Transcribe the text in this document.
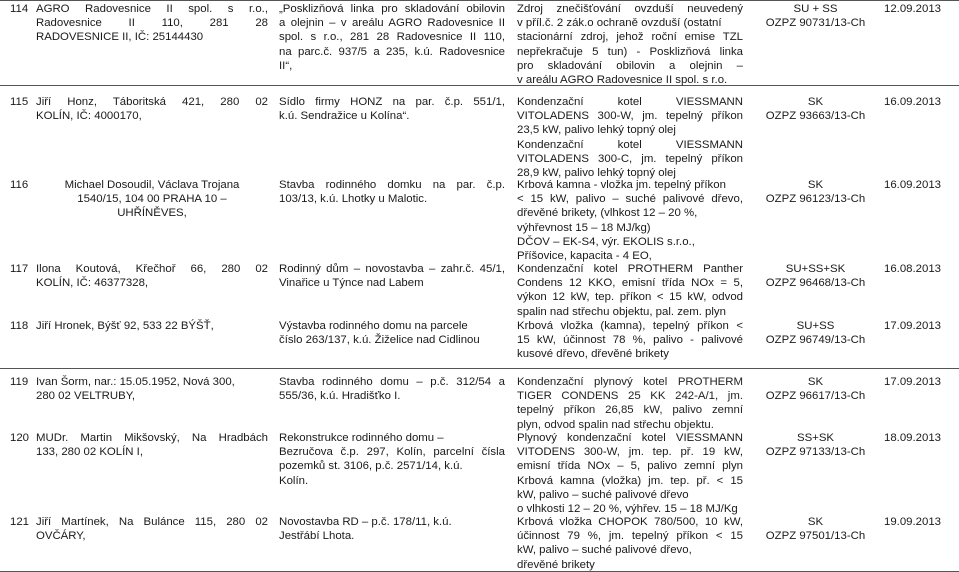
114 AGRO Radovesnice II spol. s r.o.,
Radovesnice II 110, 281 28
RADOVESNICE II, IČ: 25144430
„Posklizňová linka pro skladování obilovin
a olejnin – v areálu AGRO Radovesnice II
spol. s r.o., 281 28 Radovesnice II 110,
na parc.č. 937/5 a 235, k.ú. Radovesnice
II“,
Zdroj znečišťování ovzduší neuvedený
v příl.č. 2 zák.o ochraně ovzduší (ostatní
stacionární zdroj, jehož roční emise TZL
nepřekračuje 5 tun) - Posklizňová linka
pro skladování obilovin a olejnin –
v areálu AGRO Radovesnice II spol. s r.o.
SU + SS
OZPZ 90731/13-Ch
12.09.2013
115 Jiří Honz, Táboritská 421, 280 02
KOLÍN, IČ: 4000170,
Sídlo firmy HONZ na par. č.p. 551/1,
k.ú. Sendražice u Kolína“.
Kondenzační kotel VIESSMANN
VITOLADENS 300-W, jm. tepelný příkon
23,5 kW, palivo lehký topný olej
Kondenzační kotel VIESSMANN
VITOLADENS 300-C, jm. tepelný příkon
28,9 kW, palivo lehký topný olej
SK
OZPZ 93663/13-Ch
16.09.2013
116	Michael Dosoudil, Václava Trojana
1540/15, 104 00 PRAHA 10 –
UHŘÍNĚVES,
Stavba rodinného domku na par. č.p.
103/13, k.ú. Lhotky u Malotic.
Krbová kamna - vložka jm. tepelný příkon
< 15 kW, palivo – suché palivové dřevo,
dřevěné brikety, (vlhkost 12 – 20 %,
výhřevnost 15 – 18 MJ/kg)
DČOV – EK-S4, výr. EKOLIS s.r.o.,
Příšovice, kapacita - 4 EO,
SK
OZPZ 96123/13-Ch
16.09.2013
117 Ilona Koutová, Křečhoř 66, 280 02
KOLÍN, IČ: 46377328,
Rodinný dům – novostavba – zahr.č. 45/1,
Vinařice u Týnce nad Labem
Kondenzační kotel PROTHERM Panther
Condens 12 KKO, emisní třída NOx = 5,
výkon 12 kW, tep. příkon < 15 kW, odvod
spalin nad střechu objektu, pal. zem. plyn
SU+SS+SK
OZPZ 96468/13-Ch
16.08.2013
118 Jiří Hronek, Býšť 92, 533 22 BÝŠŤ,	Výstavba rodinného domu na parcele
číslo 263/137, k.ú. Žiželice nad Cidlinou
Krbová vložka (kamna), tepelný příkon <
15 kW, účinnost 78 %, palivo - palivové
kusové dřevo, dřevěné brikety
SU+SS
OZPZ 96749/13-Ch
17.09.2013
119 Ivan Šorm, nar.: 15.05.1952, Nová 300,
280 02 VELTRUBY,
Stavba rodinného domu – p.č. 312/54 a
555/36, k.ú. Hradišťko I.
Kondenzační plynový kotel PROTHERM
TIGER CONDENS 25 KK 242-A/1, jm.
tepelný příkon 26,85 kW, palivo zemní
plyn, odvod spalin nad střechu objektu.
SK
OZPZ 96617/13-Ch
17.09.2013
120 MUDr. Martin Mikšovský, Na Hradbách
133, 280 02 KOLÍN I,
Rekonstrukce rodinného domu –
Bezručova č.p. 297, Kolín, parcelní čísla
pozemků st. 3106, p.č. 2571/14, k.ú.
Kolín.
Plynový kondenzační kotel VIESSMANN
VITODENS 300-W, jm. tep. př. 19 kW,
emisní třída NOx – 5, palivo zemní plyn
Krbová kamna (vložka) jm. tep. př. < 15
kW, palivo – suché palivové dřevo
o vlhkosti 12 – 20 %, výhřev. 15 – 18 MJ/Kg
SS+SK
OZPZ 97133/13-Ch
18.09.2013
121 Jiří Martínek, Na Bulánce 115, 280 02
OVČÁRY,
Novostavba RD – p.č. 178/11, k.ú.
Jestřábí Lhota.
Krbová vložka CHOPOK 780/500, 10 kW,
účinnost 79 %, jm. tepelný příkon < 15
kW, palivo – suché palivové dřevo,
dřevěné brikety
SK
OZPZ 97501/13-Ch
19.09.2013
